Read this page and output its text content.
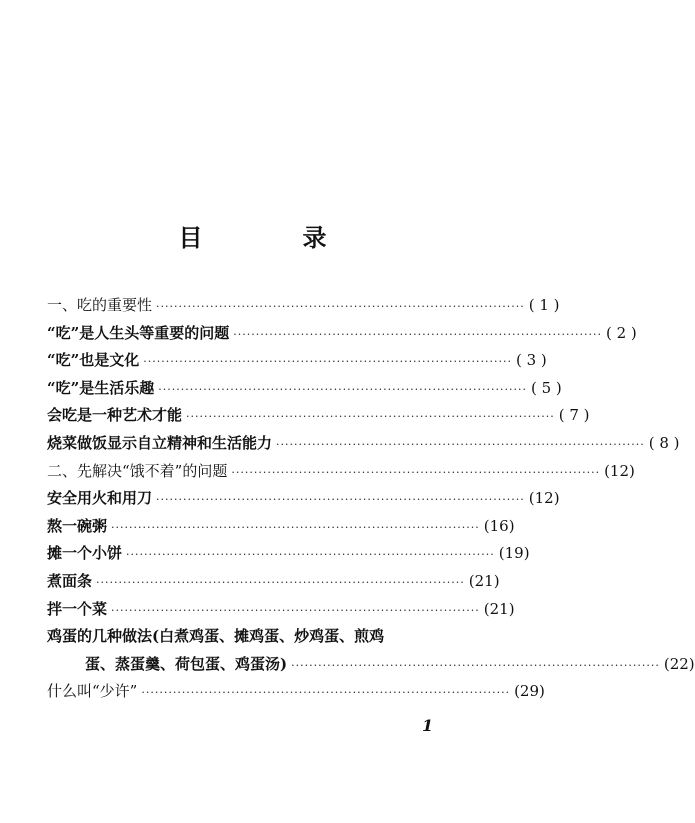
目　录
一、吃的重要性 ·················································································· ( 1 )
“吃”是人生头等重要的问题 ·················································································· ( 2 )
“吃”也是文化 ·················································································· ( 3 )
“吃”是生活乐趣 ·················································································· ( 5 )
会吃是一种艺术才能 ·················································································· ( 7 )
烧菜做饭显示自立精神和生活能力 ·················································································· ( 8 )
二、先解决“饿不着”的问题 ·················································································· (12)
安全用火和用刀 ·················································································· (12)
熬一碗粥 ·················································································· (16)
摊一个小饼 ·················································································· (19)
煮面条 ·················································································· (21)
拌一个菜 ·················································································· (21)
鸡蛋的几种做法(白煮鸡蛋、摊鸡蛋、炒鸡蛋、煎鸡
蛋、蒸蛋羹、荷包蛋、鸡蛋汤) ·················································································· (22)
什么叫“少许” ·················································································· (29)
1
